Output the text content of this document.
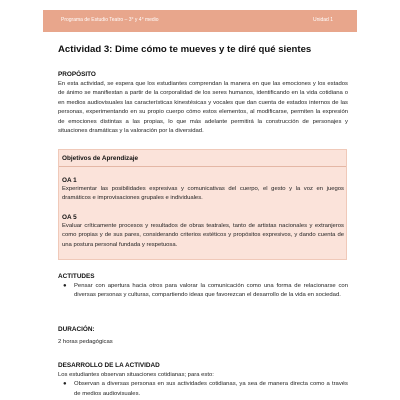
Programa de Estudio Teatro – 3° y 4° medio	Unidad 1
Actividad 3: Dime cómo te mueves y te diré qué sientes
PROPÓSITO
En esta actividad, se espera que los estudiantes comprendan la manera en que las emociones y los estados de ánimo se manifiestan a partir de la corporalidad de los seres humanos, identificando en la vida cotidiana o en medios audiovisuales las características kinestésicas y vocales que dan cuenta de estados internos de las personas, experimentando en su propio cuerpo cómo estos elementos, al modificarse, permiten la expresión de emociones distintas a las propias, lo que más adelante permitirá la construcción de personajes y situaciones dramáticas y la valoración por la diversidad.
Objetivos de Aprendizaje
OA 1
Experimentar las posibilidades expresivas y comunicativas del cuerpo, el gesto y la voz en juegos dramáticos e improvisaciones grupales e individuales.
OA 5
Evaluar críticamente procesos y resultados de obras teatrales, tanto de artistas nacionales y extranjeros como propias y de sus pares, considerando criterios estéticos y propósitos expresivos, y dando cuenta de una postura personal fundada y respetuosa.
ACTITUDES
● Pensar con apertura hacia otros para valorar la comunicación como una forma de relacionarse con diversas personas y culturas, compartiendo ideas que favorezcan el desarrollo de la vida en sociedad.
DURACIÓN:
2 horas pedagógicas
DESARROLLO DE LA ACTIVIDAD
Los estudiantes observan situaciones cotidianas; para esto:
● Observan a diversas personas en sus actividades cotidianas, ya sea de manera directa como a través de medios audiovisuales.
